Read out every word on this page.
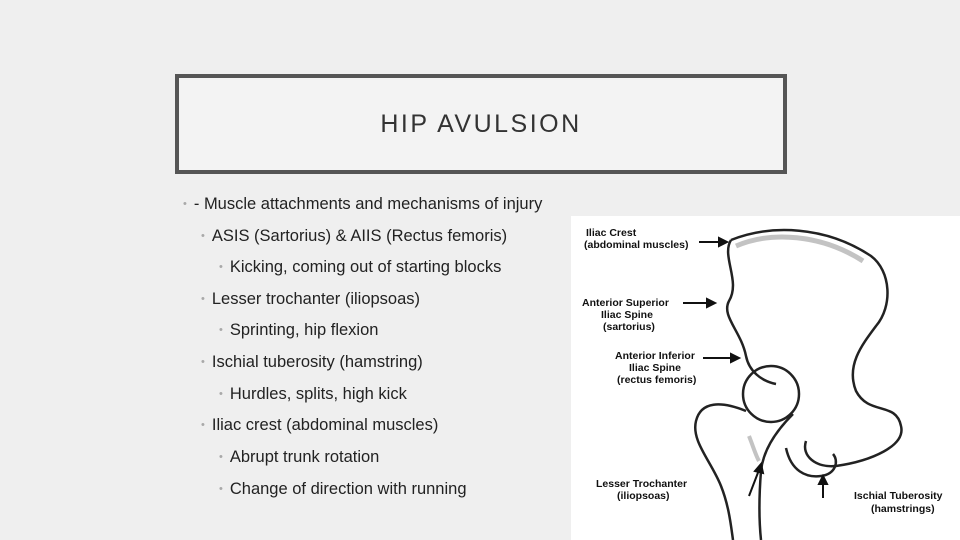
HIP AVULSION
• - Muscle attachments and mechanisms of injury
• ASIS (Sartorius) & AIIS (Rectus femoris)
• Kicking, coming out of starting blocks
• Lesser trochanter (iliopsoas)
• Sprinting, hip flexion
• Ischial tuberosity (hamstring)
• Hurdles, splits, high kick
• Iliac crest (abdominal muscles)
• Abrupt trunk rotation
• Change of direction with running
Iliac Crest
(abdominal muscles)
Anterior Superior
Iliac Spine
(sartorius)
Anterior Inferior
Iliac Spine
(rectus femoris)
Lesser Trochanter
(iliopsoas)	Ischial Tuberosity
(hamstrings)
